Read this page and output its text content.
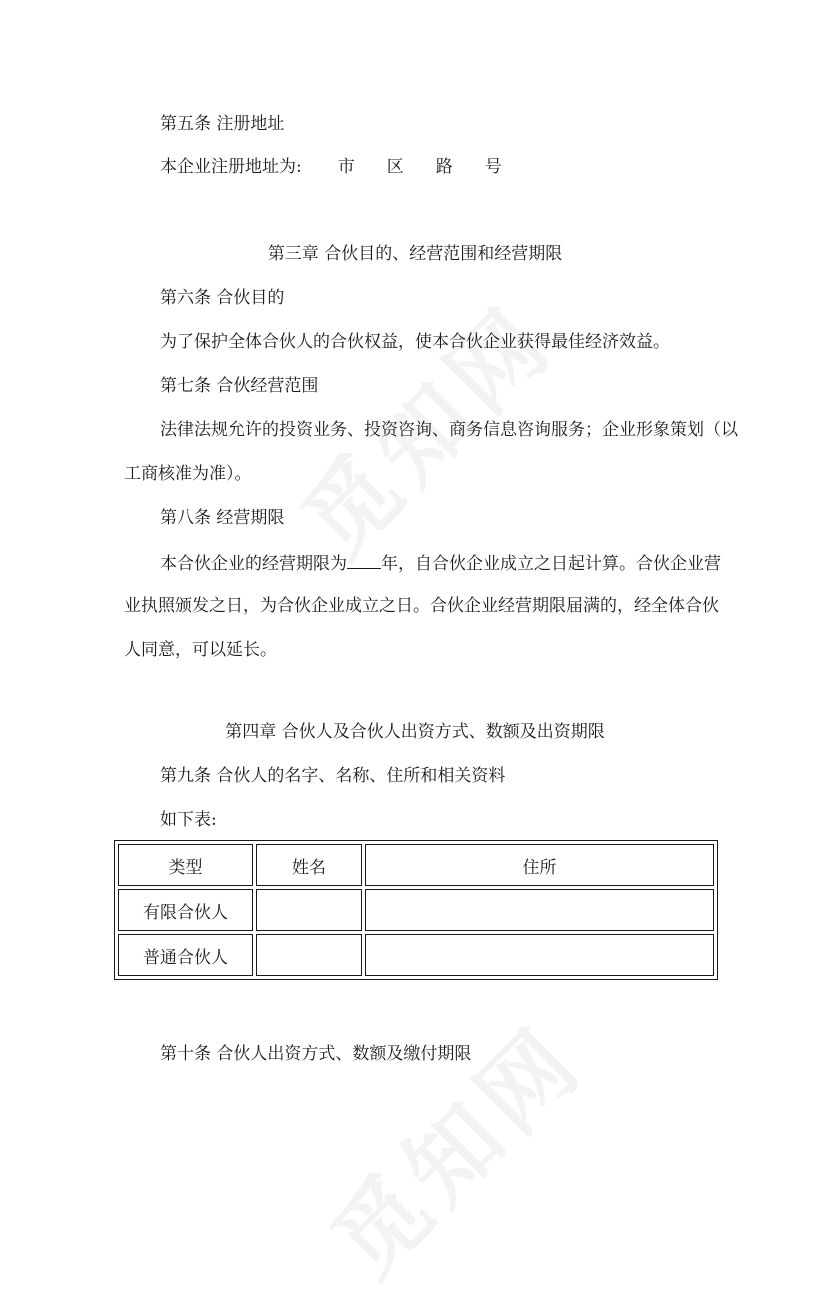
第五条 注册地址
本企业注册地址为: 市 区 路 号
第三章 合伙目的、经营范围和经营期限
第六条 合伙目的
为了保护全体合伙人的合伙权益，使本合伙企业获得最佳经济效益。
第七条 合伙经营范围
法律法规允许的投资业务、投资咨询、商务信息咨询服务；企业形象策划（以
工商核准为准）。
第八条 经营期限
本合伙企业的经营期限为 年，自合伙企业成立之日起计算。合伙企业营
业执照颁发之日，为合伙企业成立之日。合伙企业经营期限届满的，经全体合伙
人同意，可以延长。
第四章 合伙人及合伙人出资方式、数额及出资期限
第九条 合伙人的名字、名称、住所和相关资料
如下表:
类型	姓名	住所
有限合伙人		
普通合伙人		
第十条 合伙人出资方式、数额及缴付期限
